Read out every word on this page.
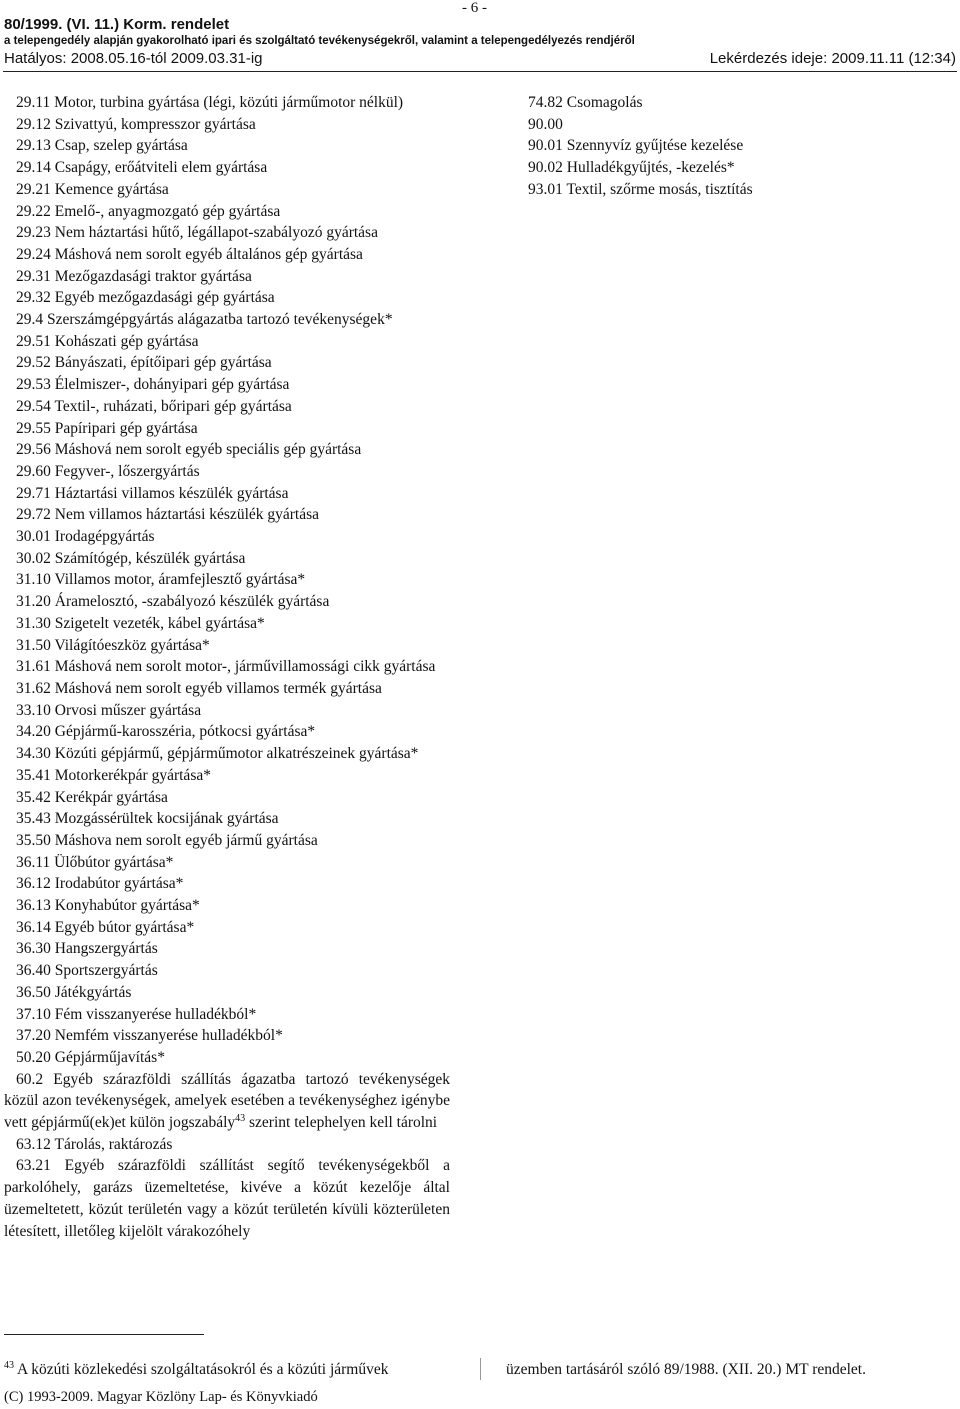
- 6 -
80/1999. (VI. 11.) Korm. rendelet
a telepengedély alapján gyakorolható ipari és szolgáltató tevékenységekről, valamint a telepengedélyezés rendjéről
Hatályos: 2008.05.16-tól 2009.03.31-ig	Lekérdezés ideje: 2009.11.11 (12:34)
29.11 Motor, turbina gyártása (légi, közúti járműmotor nélkül)
29.12 Szivattyú, kompresszor gyártása
29.13 Csap, szelep gyártása
29.14 Csapágy, erőátviteli elem gyártása
29.21 Kemence gyártása
29.22 Emelő-, anyagmozgató gép gyártása
29.23 Nem háztartási hűtő, légállapot-szabályozó gyártása
29.24 Máshová nem sorolt egyéb általános gép gyártása
29.31 Mezőgazdasági traktor gyártása
29.32 Egyéb mezőgazdasági gép gyártása
29.4 Szerszámgépgyártás alágazatba tartozó tevékenységek*
29.51 Kohászati gép gyártása
29.52 Bányászati, építőipari gép gyártása
29.53 Élelmiszer-, dohányipari gép gyártása
29.54 Textil-, ruházati, bőripari gép gyártása
29.55 Papíripari gép gyártása
29.56 Máshová nem sorolt egyéb speciális gép gyártása
29.60 Fegyver-, lőszergyártás
29.71 Háztartási villamos készülék gyártása
29.72 Nem villamos háztartási készülék gyártása
30.01 Irodagépgyártás
30.02 Számítógép, készülék gyártása
31.10 Villamos motor, áramfejlesztő gyártása*
31.20 Áramelosztó, -szabályozó készülék gyártása
31.30 Szigetelt vezeték, kábel gyártása*
31.50 Világítóeszköz gyártása*
31.61 Máshová nem sorolt motor-, járművillamossági cikk gyártása
31.62 Máshová nem sorolt egyéb villamos termék gyártása
33.10 Orvosi műszer gyártása
34.20 Gépjármű-karosszéria, pótkocsi gyártása*
34.30 Közúti gépjármű, gépjárműmotor alkatrészeinek gyártása*
35.41 Motorkerékpár gyártása*
35.42 Kerékpár gyártása
35.43 Mozgássérültek kocsijának gyártása
35.50 Máshova nem sorolt egyéb jármű gyártása
36.11 Ülőbútor gyártása*
36.12 Irodabútor gyártása*
36.13 Konyhabútor gyártása*
36.14 Egyéb bútor gyártása*
36.30 Hangszergyártás
36.40 Sportszergyártás
36.50 Játékgyártás
37.10 Fém visszanyerése hulladékból*
37.20 Nemfém visszanyerése hulladékból*
50.20 Gépjárműjavítás*
60.2 Egyéb szárazföldi szállítás ágazatba tartozó tevékenységek közül azon tevékenységek, amelyek esetében a tevékenységhez igénybe vett gépjármű(ek)et külön jogszabály$^{43}$ szerint telephelyen kell tárolni
63.12 Tárolás, raktározás
63.21 Egyéb szárazföldi szállítást segítő tevékenységekből a parkolóhely, garázs üzemeltetése, kivéve a közút kezelője által üzemeltetett, közút területén vagy a közút területén kívüli közterületen létesített, illetőleg kijelölt várakozóhely
74.82 Csomagolás
90.00
90.01 Szennyvíz gyűjtése kezelése
90.02 Hulladékgyűjtés, -kezelés*
93.01 Textil, szőrme mosás, tisztítás
$^{43}$ A közúti közlekedési szolgáltatásokról és a közúti járművek	üzemben tartásáról szóló 89/1988. (XII. 20.) MT rendelet.
(C) 1993-2009. Magyar Közlöny Lap- és Könyvkiadó
